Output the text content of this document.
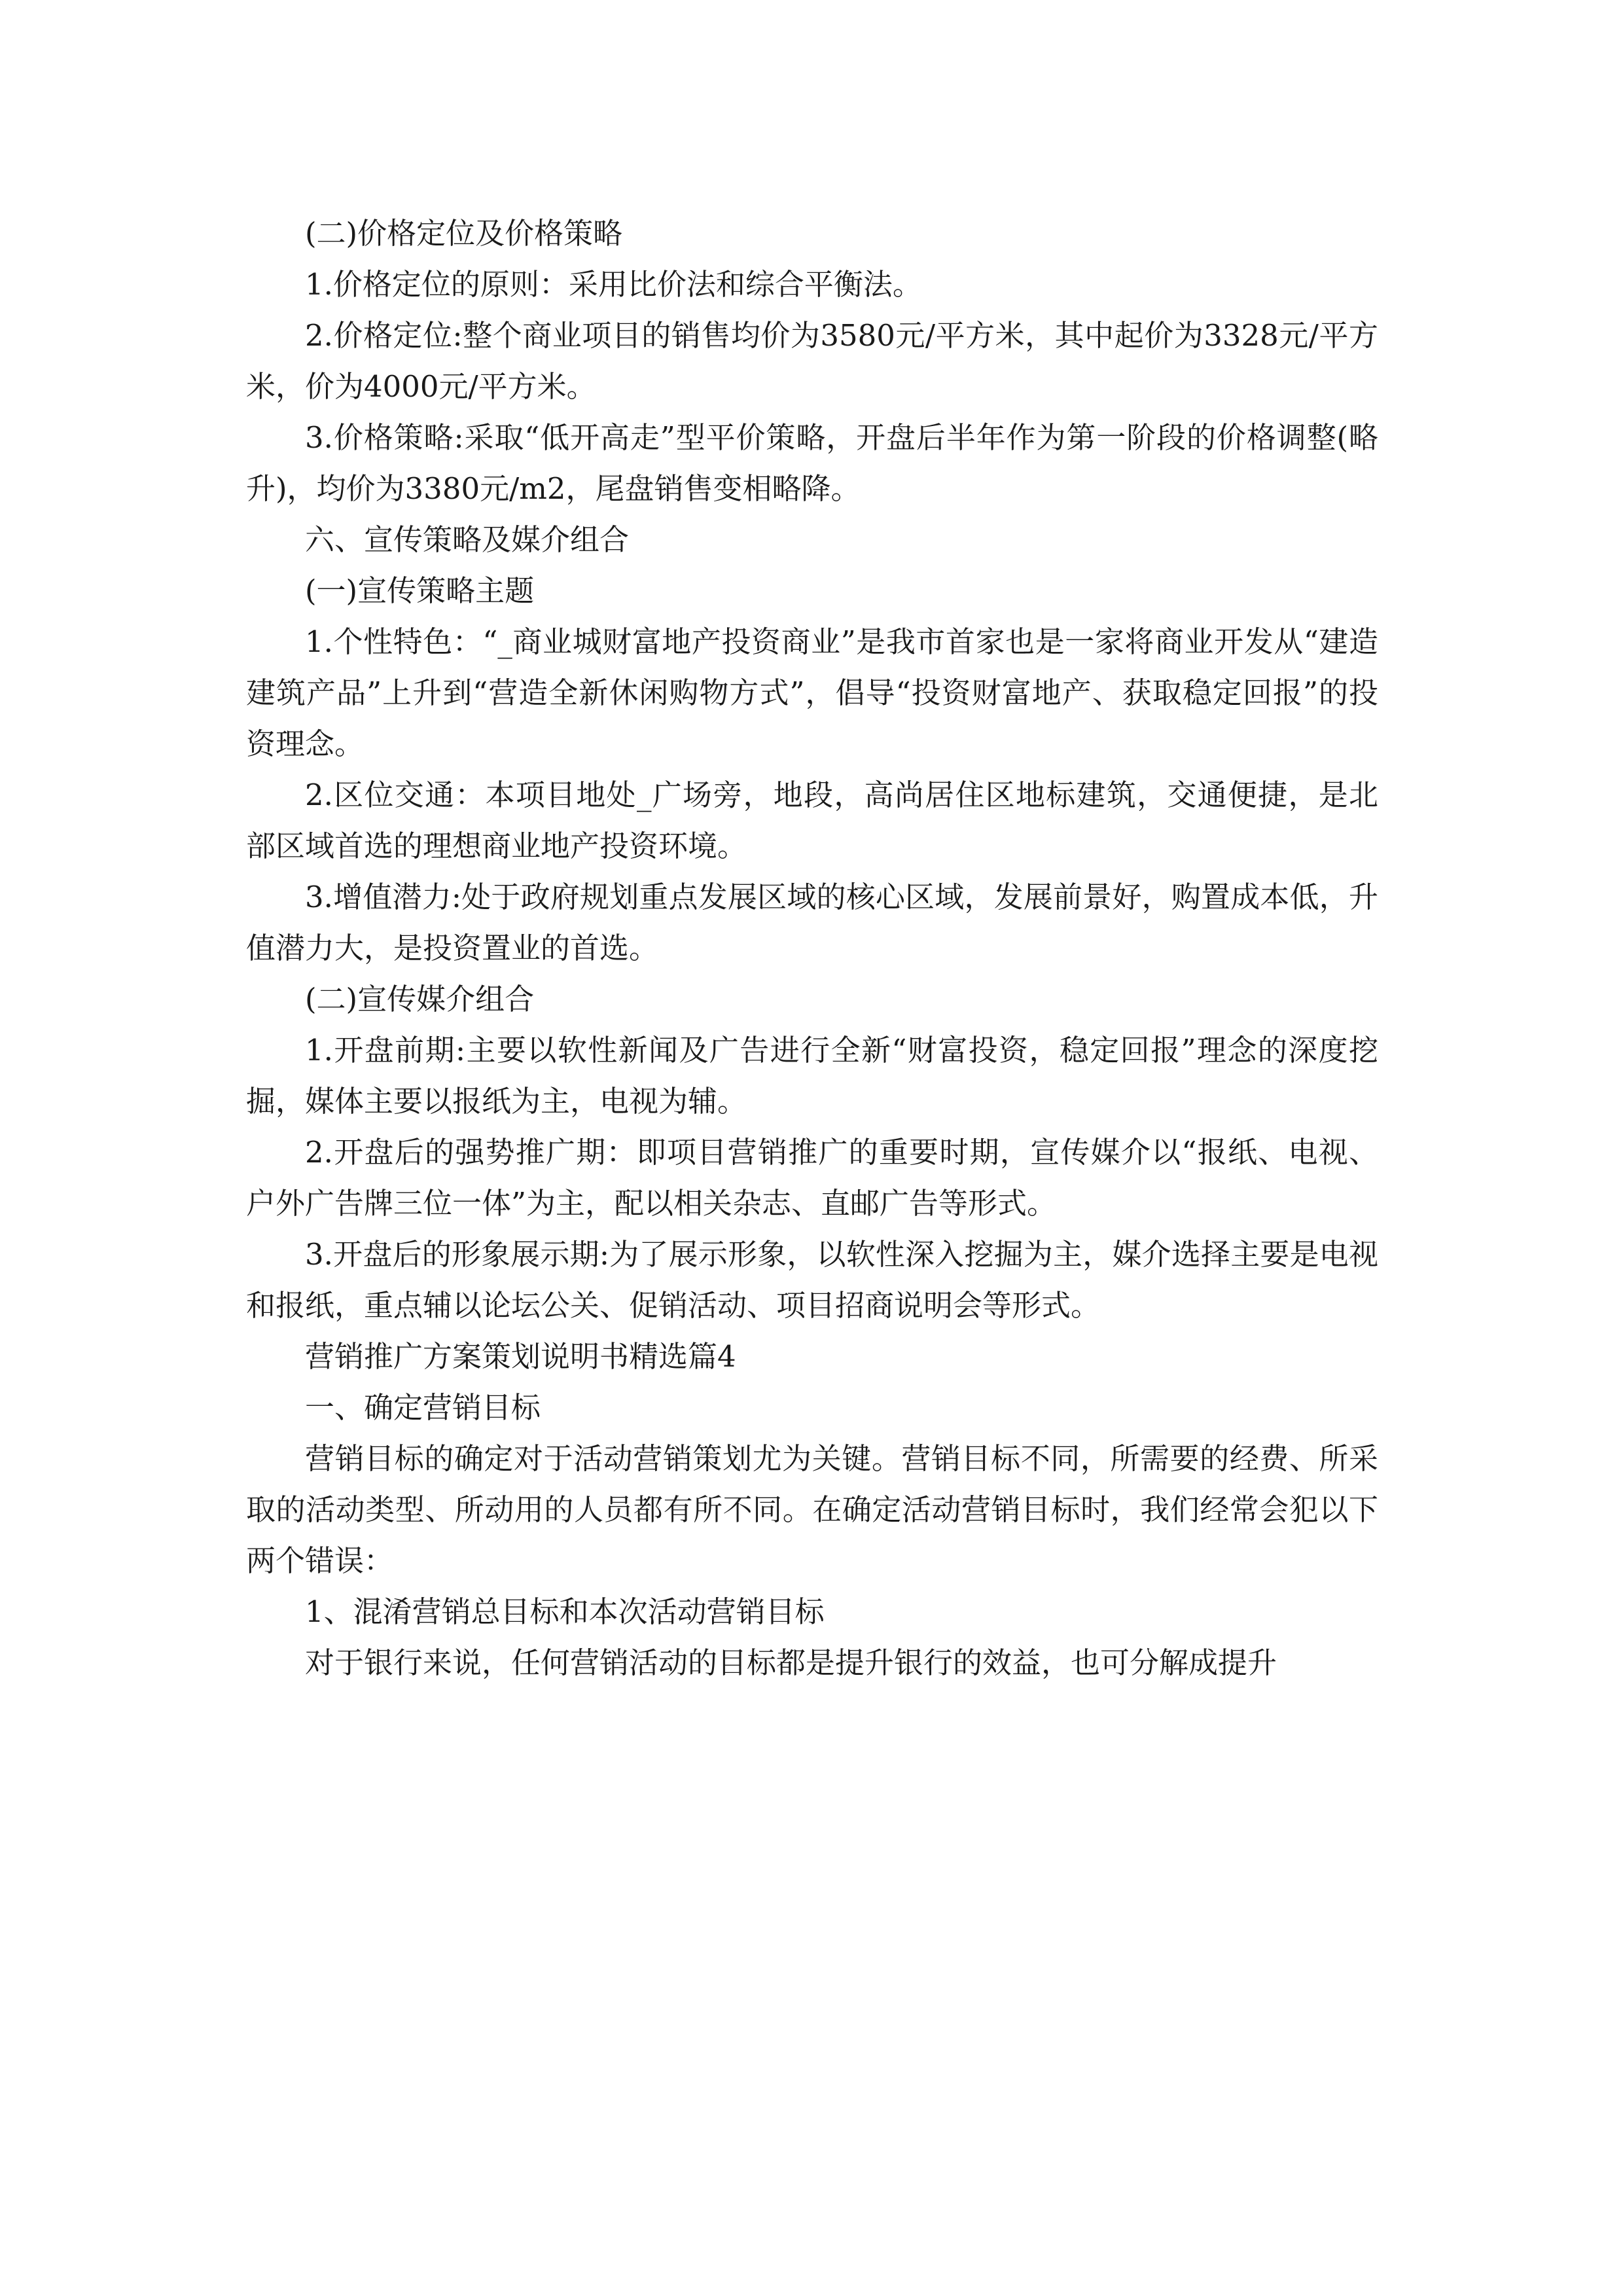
(二)价格定位及价格策略

1.价格定位的原则：采用比价法和综合平衡法。

2.价格定位:整个商业项目的销售均价为3580元/平方米，其中起价为3328元/平方米，价为4000元/平方米。

3.价格策略:采取“低开高走”型平价策略，开盘后半年作为第一阶段的价格调整(略升)，均价为3380元/m2，尾盘销售变相略降。

六、宣传策略及媒介组合

(一)宣传策略主题

1.个性特色：“_商业城财富地产投资商业”是我市首家也是一家将商业开发从“建造建筑产品”上升到“营造全新休闲购物方式”，倡导“投资财富地产、获取稳定回报”的投资理念。

2.区位交通：本项目地处_广场旁，地段，高尚居住区地标建筑，交通便捷，是北部区域首选的理想商业地产投资环境。

3.增值潜力:处于政府规划重点发展区域的核心区域，发展前景好，购置成本低，升值潜力大，是投资置业的首选。

(二)宣传媒介组合

1.开盘前期:主要以软性新闻及广告进行全新“财富投资，稳定回报”理念的深度挖掘，媒体主要以报纸为主，电视为辅。

2.开盘后的强势推广期：即项目营销推广的重要时期，宣传媒介以“报纸、电视、户外广告牌三位一体”为主，配以相关杂志、直邮广告等形式。

3.开盘后的形象展示期:为了展示形象，以软性深入挖掘为主，媒介选择主要是电视和报纸，重点辅以论坛公关、促销活动、项目招商说明会等形式。

营销推广方案策划说明书精选篇4

一、确定营销目标

营销目标的确定对于活动营销策划尤为关键。营销目标不同，所需要的经费、所采取的活动类型、所动用的人员都有所不同。在确定活动营销目标时，我们经常会犯以下两个错误：

1、混淆营销总目标和本次活动营销目标

对于银行来说，任何营销活动的目标都是提升银行的效益，也可分解成提升
